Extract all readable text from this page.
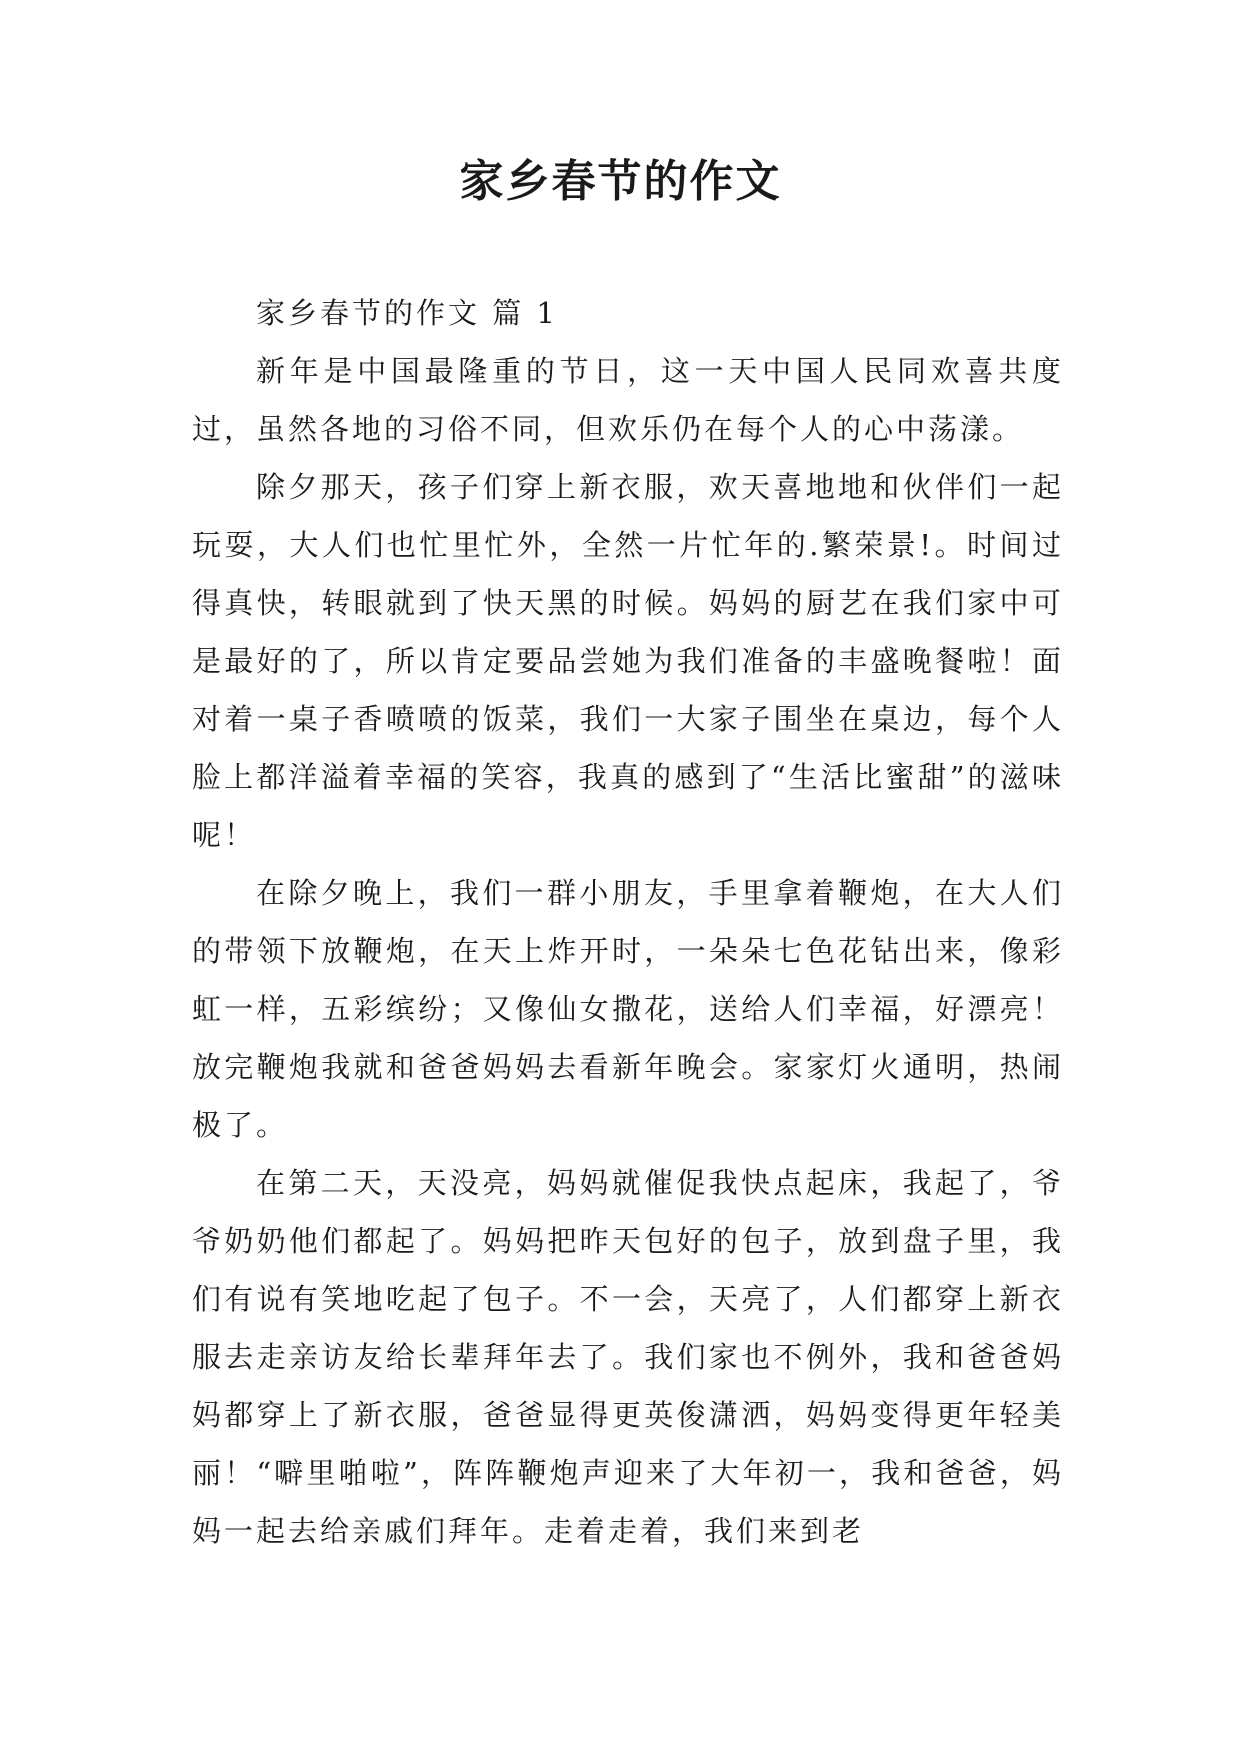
家乡春节的作文

家乡春节的作文 篇 1

新年是中国最隆重的节日，这一天中国人民同欢喜共度过，虽然各地的习俗不同，但欢乐仍在每个人的心中荡漾。

除夕那天，孩子们穿上新衣服，欢天喜地地和伙伴们一起玩耍，大人们也忙里忙外，全然一片忙年的.繁荣景!。时间过得真快，转眼就到了快天黑的时候。妈妈的厨艺在我们家中可是最好的了，所以肯定要品尝她为我们准备的丰盛晚餐啦！面对着一桌子香喷喷的饭菜，我们一大家子围坐在桌边，每个人脸上都洋溢着幸福的笑容，我真的感到了“生活比蜜甜”的滋味呢！

在除夕晚上，我们一群小朋友，手里拿着鞭炮，在大人们的带领下放鞭炮，在天上炸开时，一朵朵七色花钻出来，像彩虹一样，五彩缤纷；又像仙女撒花，送给人们幸福，好漂亮！放完鞭炮我就和爸爸妈妈去看新年晚会。家家灯火通明，热闹极了。

在第二天，天没亮，妈妈就催促我快点起床，我起了，爷爷奶奶他们都起了。妈妈把昨天包好的包子，放到盘子里，我们有说有笑地吃起了包子。不一会，天亮了，人们都穿上新衣服去走亲访友给长辈拜年去了。我们家也不例外，我和爸爸妈妈都穿上了新衣服，爸爸显得更英俊潇洒，妈妈变得更年轻美丽！“噼里啪啦”，阵阵鞭炮声迎来了大年初一，我和爸爸，妈妈一起去给亲戚们拜年。走着走着，我们来到老
